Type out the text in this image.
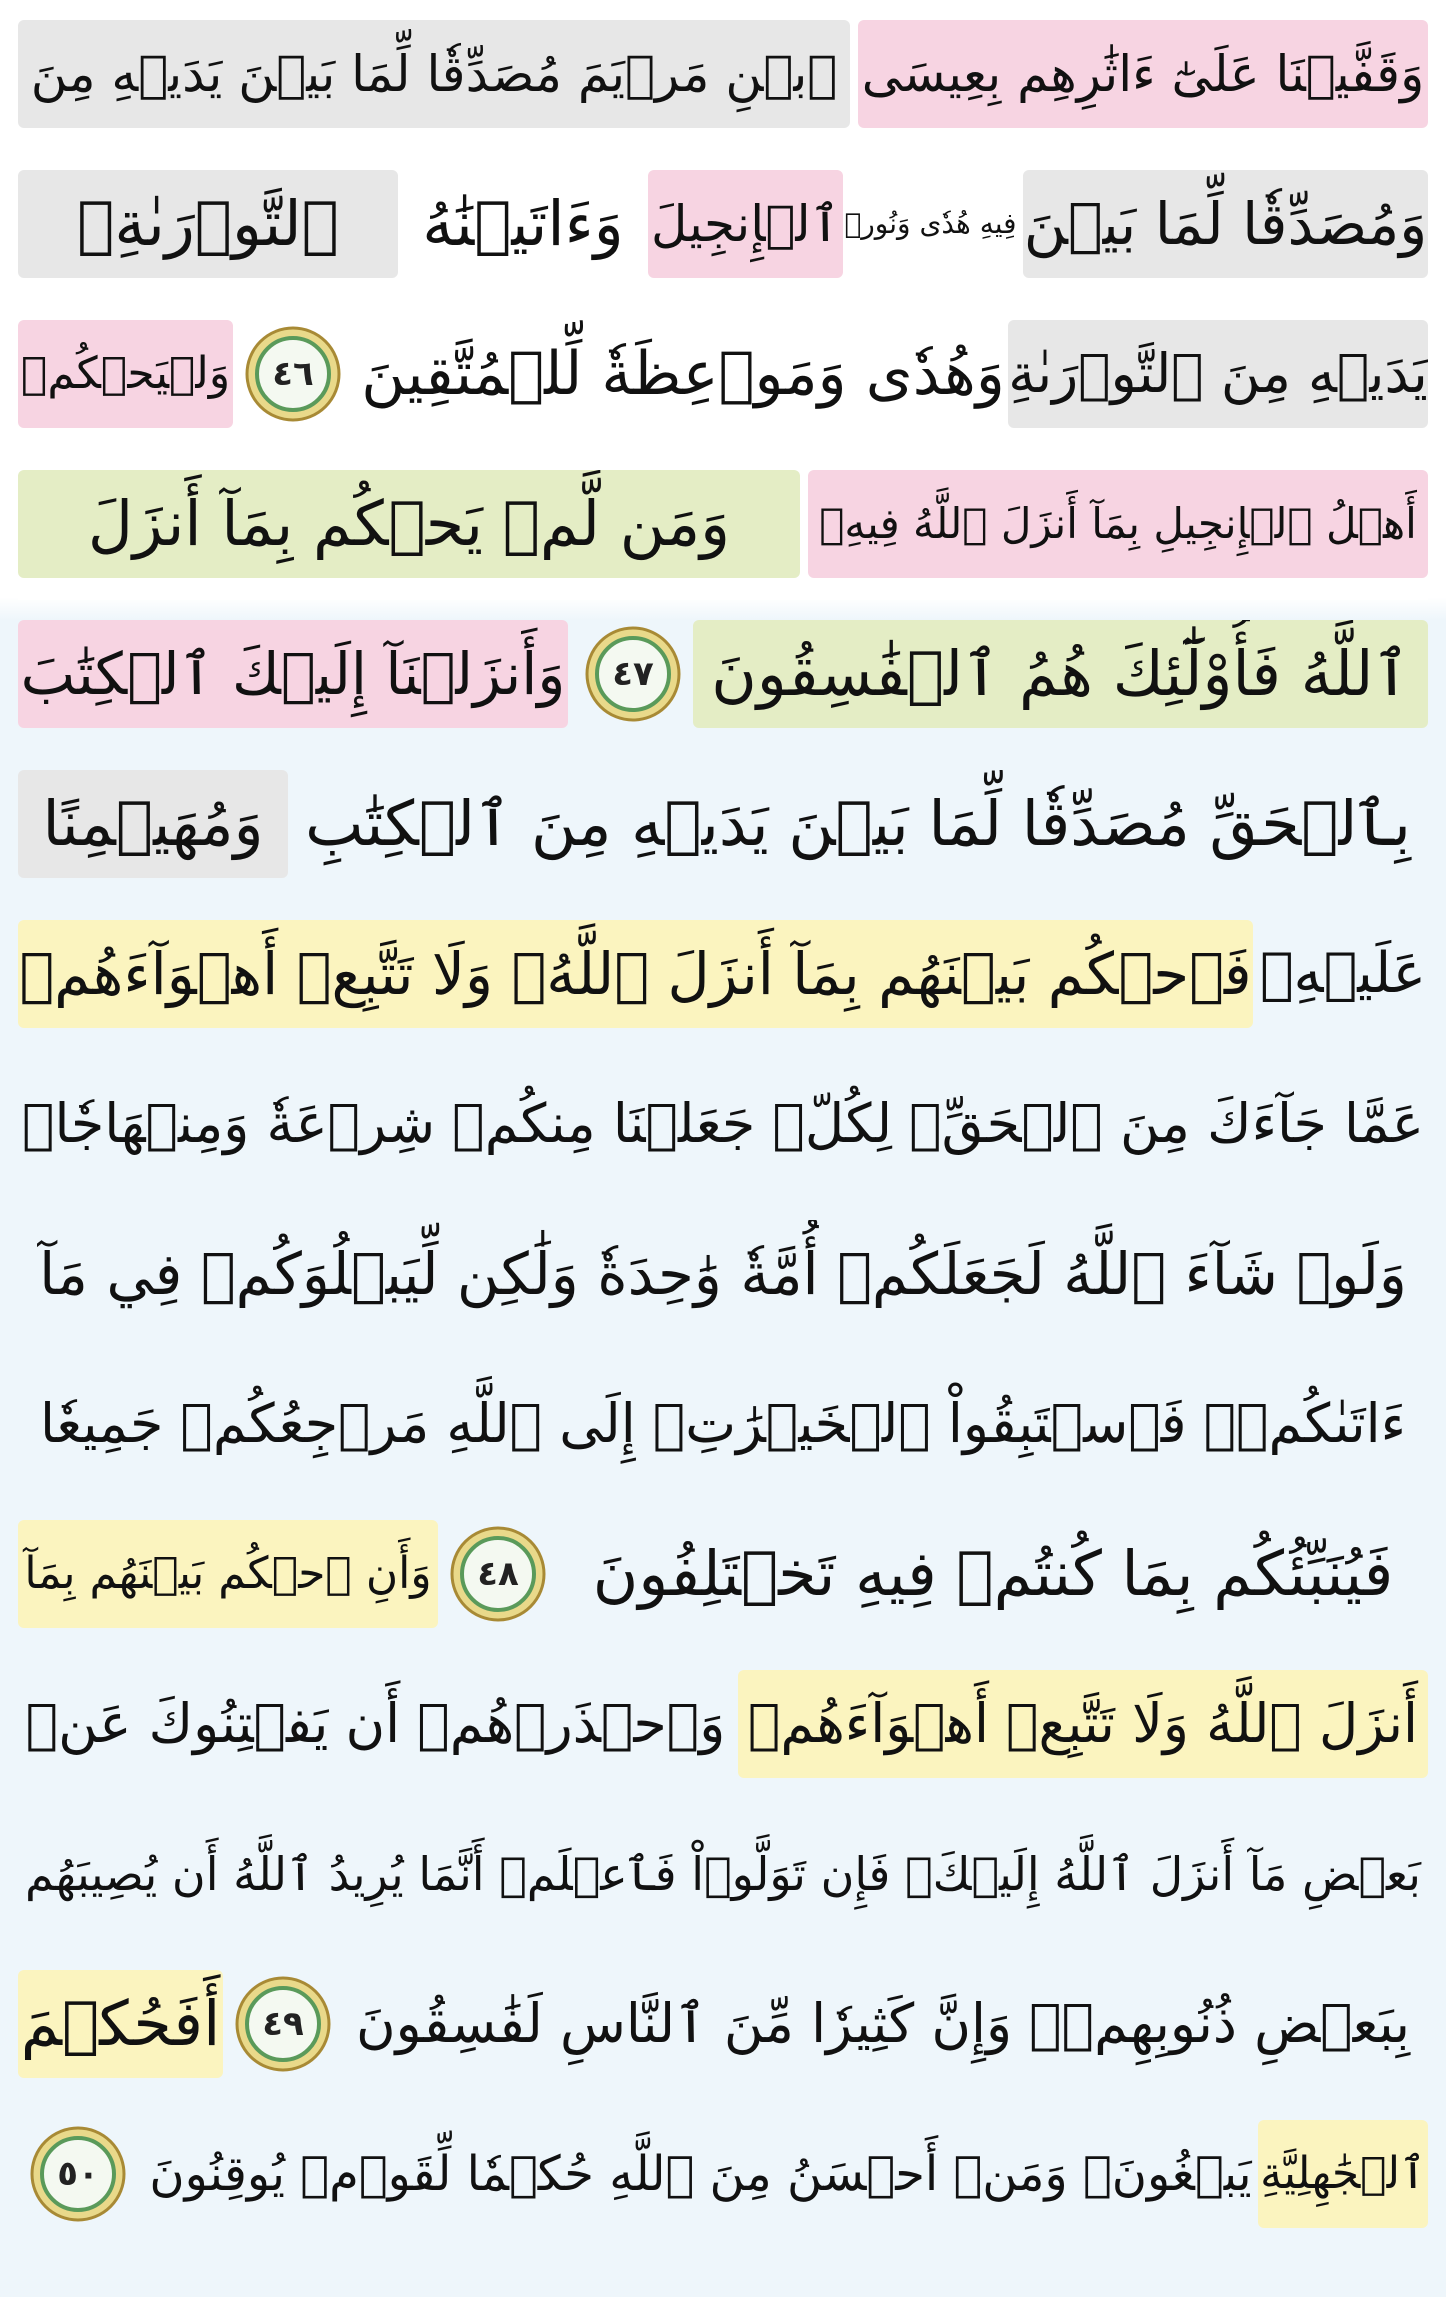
وَقَفَّيۡنَا عَلَىٰٓ ءَاثَٰرِهِم بِعِيسَى
ٱبۡنِ مَرۡيَمَ مُصَدِّقٗا لِّمَا بَيۡنَ يَدَيۡهِ مِنَ
ٱلتَّوۡرَىٰةِۖ	وَءَاتَيۡنَٰهُ ٱلۡإِنجِيلَ فِيهِ هُدٗى وَنُورٞ وَمُصَدِّقٗا لِّمَا بَيۡنَ
يَدَيۡهِ مِنَ ٱلتَّوۡرَىٰةِ
وَهُدٗى وَمَوۡعِظَةٗ لِّلۡمُتَّقِينَ
٤٦
وَلۡيَحۡكُمۡ
أَهۡلُ ٱلۡإِنجِيلِ بِمَآ أَنزَلَ ٱللَّهُ فِيهِۚ
وَمَن لَّمۡ يَحۡكُم بِمَآ أَنزَلَ
ٱللَّهُ فَأُوْلَٰٓئِكَ هُمُ ٱلۡفَٰسِقُونَ
٤٧
وَأَنزَلۡنَآ إِلَيۡكَ ٱلۡكِتَٰبَ
بِٱلۡحَقِّ مُصَدِّقٗا لِّمَا بَيۡنَ يَدَيۡهِ مِنَ ٱلۡكِتَٰبِ
وَمُهَيۡمِنًا
عَلَيۡهِۖ
فَٱحۡكُم بَيۡنَهُم بِمَآ أَنزَلَ ٱللَّهُۖ وَلَا تَتَّبِعۡ أَهۡوَآءَهُمۡ
عَمَّا جَآءَكَ مِنَ ٱلۡحَقِّۚ لِكُلّٖ جَعَلۡنَا مِنكُمۡ شِرۡعَةٗ وَمِنۡهَاجٗاۚ
وَلَوۡ شَآءَ ٱللَّهُ لَجَعَلَكُمۡ أُمَّةٗ وَٰحِدَةٗ وَلَٰكِن لِّيَبۡلُوَكُمۡ فِي مَآ
ءَاتَىٰكُمۡۖ فَٱسۡتَبِقُواْ ٱلۡخَيۡرَٰتِۚ إِلَى ٱللَّهِ مَرۡجِعُكُمۡ جَمِيعٗا
فَيُنَبِّئُكُم بِمَا كُنتُمۡ فِيهِ تَخۡتَلِفُونَ
٤٨
وَأَنِ ٱحۡكُم بَيۡنَهُم بِمَآ
أَنزَلَ ٱللَّهُ وَلَا تَتَّبِعۡ أَهۡوَآءَهُمۡ
وَٱحۡذَرۡهُمۡ أَن يَفۡتِنُوكَ عَنۢ
بَعۡضِ مَآ أَنزَلَ ٱللَّهُ إِلَيۡكَۖ فَإِن تَوَلَّوۡاْ فَٱعۡلَمۡ أَنَّمَا يُرِيدُ ٱللَّهُ أَن يُصِيبَهُم
بِبَعۡضِ ذُنُوبِهِمۡۗ وَإِنَّ كَثِيرٗا مِّنَ ٱلنَّاسِ لَفَٰسِقُونَ
٤٩
أَفَحُكۡمَ
ٱلۡجَٰهِلِيَّةِ
يَبۡغُونَۚ وَمَنۡ أَحۡسَنُ مِنَ ٱللَّهِ حُكۡمٗا لِّقَوۡمٖ يُوقِنُونَ
٥٠
